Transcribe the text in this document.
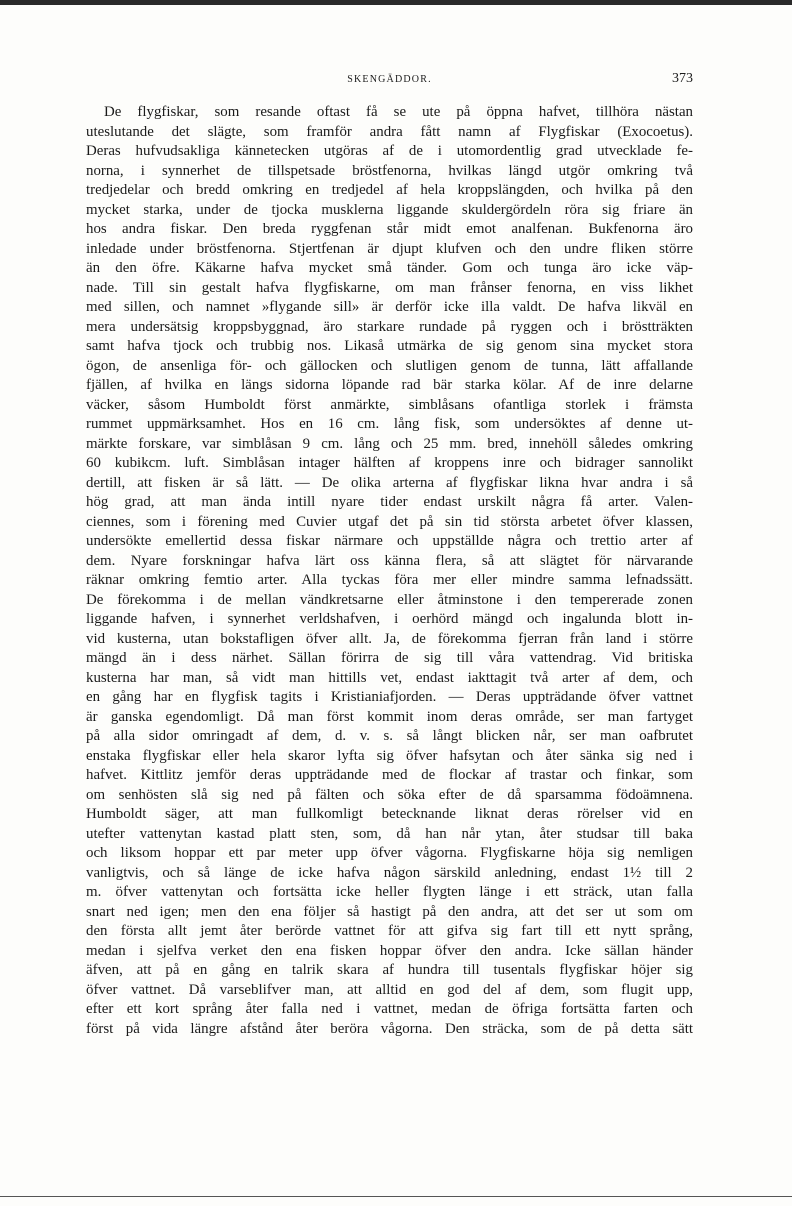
SKENGÄDDOR.	373
De flygfiskar, som resande oftast få se ute på öppna hafvet, tillhöra nästan
uteslutande det slägte, som framför andra fått namn af Flygfiskar (Exocoetus).
Deras hufvudsakliga kännetecken utgöras af de i utomordentlig grad utvecklade fe-
norna, i synnerhet de tillspetsade bröstfenorna, hvilkas längd utgör omkring två
tredjedelar och bredd omkring en tredjedel af hela kroppslängden, och hvilka på den
mycket starka, under de tjocka musklerna liggande skuldergördeln röra sig friare än
hos andra fiskar. Den breda ryggfenan står midt emot analfenan. Bukfenorna äro
inledade under bröstfenorna. Stjertfenan är djupt klufven och den undre fliken större
än den öfre. Käkarne hafva mycket små tänder. Gom och tunga äro icke väp-
nade. Till sin gestalt hafva flygfiskarne, om man frånser fenorna, en viss likhet
med sillen, och namnet »flygande sill» är derför icke illa valdt. De hafva likväl en
mera undersätsig kroppsbyggnad, äro starkare rundade på ryggen och i bröstträkten
samt hafva tjock och trubbig nos. Likaså utmärka de sig genom sina mycket stora
ögon, de ansenliga för- och gällocken och slutligen genom de tunna, lätt affallande
fjällen, af hvilka en längs sidorna löpande rad bär starka kölar. Af de inre delarne
väcker, såsom Humboldt först anmärkte, simblåsans ofantliga storlek i främsta
rummet uppmärksamhet. Hos en 16 cm. lång fisk, som undersöktes af denne ut-
märkte forskare, var simblåsan 9 cm. lång och 25 mm. bred, innehöll således omkring
60 kubikcm. luft. Simblåsan intager hälften af kroppens inre och bidrager sannolikt
dertill, att fisken är så lätt. — De olika arterna af flygfiskar likna hvar andra i så
hög grad, att man ända intill nyare tider endast urskilt några få arter. Valen-
ciennes, som i förening med Cuvier utgaf det på sin tid största arbetet öfver klassen,
undersökte emellertid dessa fiskar närmare och uppställde några och trettio arter af
dem. Nyare forskningar hafva lärt oss känna flera, så att slägtet för närvarande
räknar omkring femtio arter. Alla tyckas föra mer eller mindre samma lefnadssätt.
De förekomma i de mellan vändkretsarne eller åtminstone i den tempererade zonen
liggande hafven, i synnerhet verldshafven, i oerhörd mängd och ingalunda blott in-
vid kusterna, utan bokstafligen öfver allt. Ja, de förekomma fjerran från land i större
mängd än i dess närhet. Sällan förirra de sig till våra vattendrag. Vid britiska
kusterna har man, så vidt man hittills vet, endast iakttagit två arter af dem, och
en gång har en flygfisk tagits i Kristianiafjorden. — Deras uppträdande öfver vattnet
är ganska egendomligt. Då man först kommit inom deras område, ser man fartyget
på alla sidor omringadt af dem, d. v. s. så långt blicken når, ser man oafbrutet
enstaka flygfiskar eller hela skaror lyfta sig öfver hafsytan och åter sänka sig ned i
hafvet. Kittlitz jemför deras uppträdande med de flockar af trastar och finkar, som
om senhösten slå sig ned på fälten och söka efter de då sparsamma födoämnena.
Humboldt säger, att man fullkomligt betecknande liknat deras rörelser vid en
utefter vattenytan kastad platt sten, som, då han når ytan, åter studsar till baka
och liksom hoppar ett par meter upp öfver vågorna. Flygfiskarne höja sig nemligen
vanligtvis, och så länge de icke hafva någon särskild anledning, endast 1½ till 2
m. öfver vattenytan och fortsätta icke heller flygten länge i ett sträck, utan falla
snart ned igen; men den ena följer så hastigt på den andra, att det ser ut som om
den första allt jemt åter berörde vattnet för att gifva sig fart till ett nytt språng,
medan i sjelfva verket den ena fisken hoppar öfver den andra. Icke sällan händer
äfven, att på en gång en talrik skara af hundra till tusentals flygfiskar höjer sig
öfver vattnet. Då varseblifver man, att alltid en god del af dem, som flugit upp,
efter ett kort språng åter falla ned i vattnet, medan de öfriga fortsätta farten och
först på vida längre afstånd åter beröra vågorna. Den sträcka, som de på detta sätt
